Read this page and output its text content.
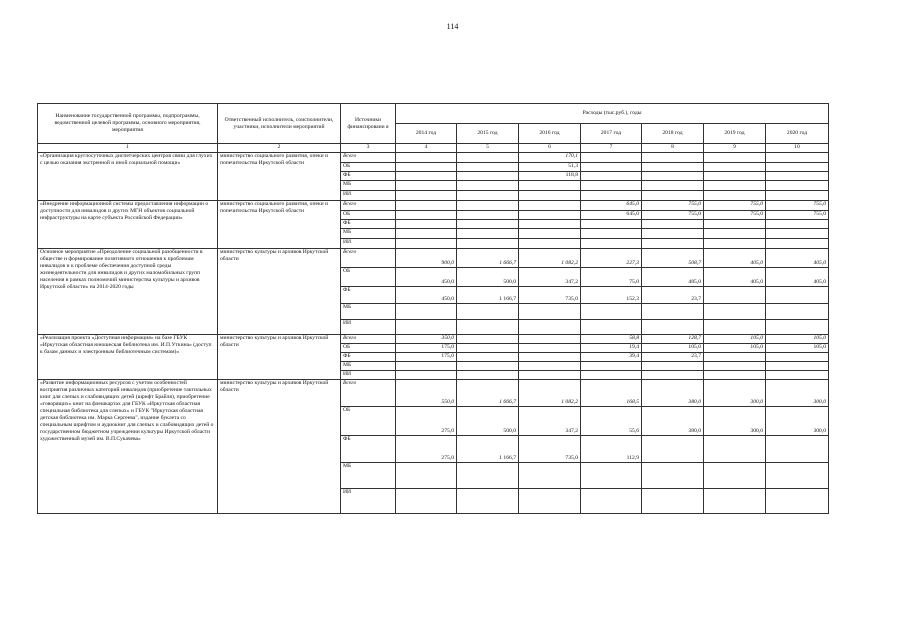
114
Наименование государственной программы, подпрограммы, ведомственной целевой программы, основного мероприятия, мероприятия	Ответственный исполнитель, соисполнители, участники, исполнители мероприятий	Источники финансировани я	Расходы (тыс.руб.), годы						
			2014 год	2015 год	2016 год	2017 год	2018 год	2019 год	2020 год
1	2	3	4	5	6	7	8	9	10
«Организация круглосуточных диспетчерских центров связи для глухих с целью оказания экстренной и иной социальной помощи»	министерство социального развития, опеки и попечительства Иркутской области	Всего			170,1				
		ОБ			51,3				
		ФБ			118,8				
		МБ							
		ИИ							
«Внедрение информационной системы предоставления информации о доступности для инвалидов и других МГН объектов социальной инфраструктуры на карте субъекта Российской Федерации»	министерство социального развития, опеки и попечительства Иркутской области	Всего				645,0	755,0	755,0	755,0
		ОБ				645,0	755,0	755,0	755,0
		ФБ							
		МБ							
		ИИ							
Основное мероприятие «Преодоление социальной разобщенности в обществе и формирование позитивного отношения к проблемам инвалидов и к проблеме обеспечения доступной среды жизнедеятельности для инвалидов и других маломобильных групп населения в рамках полномочий министерства культуры и архивов Иркутской области» на 2014-2020 годы	министерство культуры и архивов Иркутской области	Всего	900,0	1 666,7	1 082,2	227,3	508,7	405,0	405,0
		ОБ	450,0	500,0	347,2	75,0	485,0	405,0	405,0
		ФБ	450,0	1 166,7	735,0	152,3	23,7		
		МБ							
		ИИ							
«Реализация проекта «Доступная информация» на базе ГБУК «Иркутская областная юношеская библиотека им. И.П.Уткина» (доступ к базам данных и электронным библиотечным системам)»	министерство культуры и архивов Иркутской области	Всего	350,0			58,8	128,7	105,0	105,0
		ОБ	175,0			19,4	105,0	105,0	105,0
		ФБ	175,0			39,4	23,7		
		МБ							
		ИИ							
«Развитие информационных ресурсов с учетом особенностей восприятия различных категорий инвалидов (приобретение тактильных книг для слепых и слабовидящих детей (шрифт Брайля), приобретение «говорящих» книг на флешкартах для ГБУК «Иркутская областная специальная библиотека для слепых» и ГБУК "Иркутская областная детская библиотека им. Марка Сергеева", издание буклета со специальным шрифтом и аудиокниг для слепых и слабовидящих детей о государственном бюджетном учреждении культуры Иркутской области художественный музей им. В.П.Сукачева»	министерство культуры и архивов Иркутской области	Всего	550,0	1 666,7	1 082,2	168,5	380,0	300,0	300,0
		ОБ	275,0	500,0	347,2	55,6	380,0	300,0	300,0
		ФБ	275,0	1 166,7	735,0	112,9			
		МБ							
		ИИ							
